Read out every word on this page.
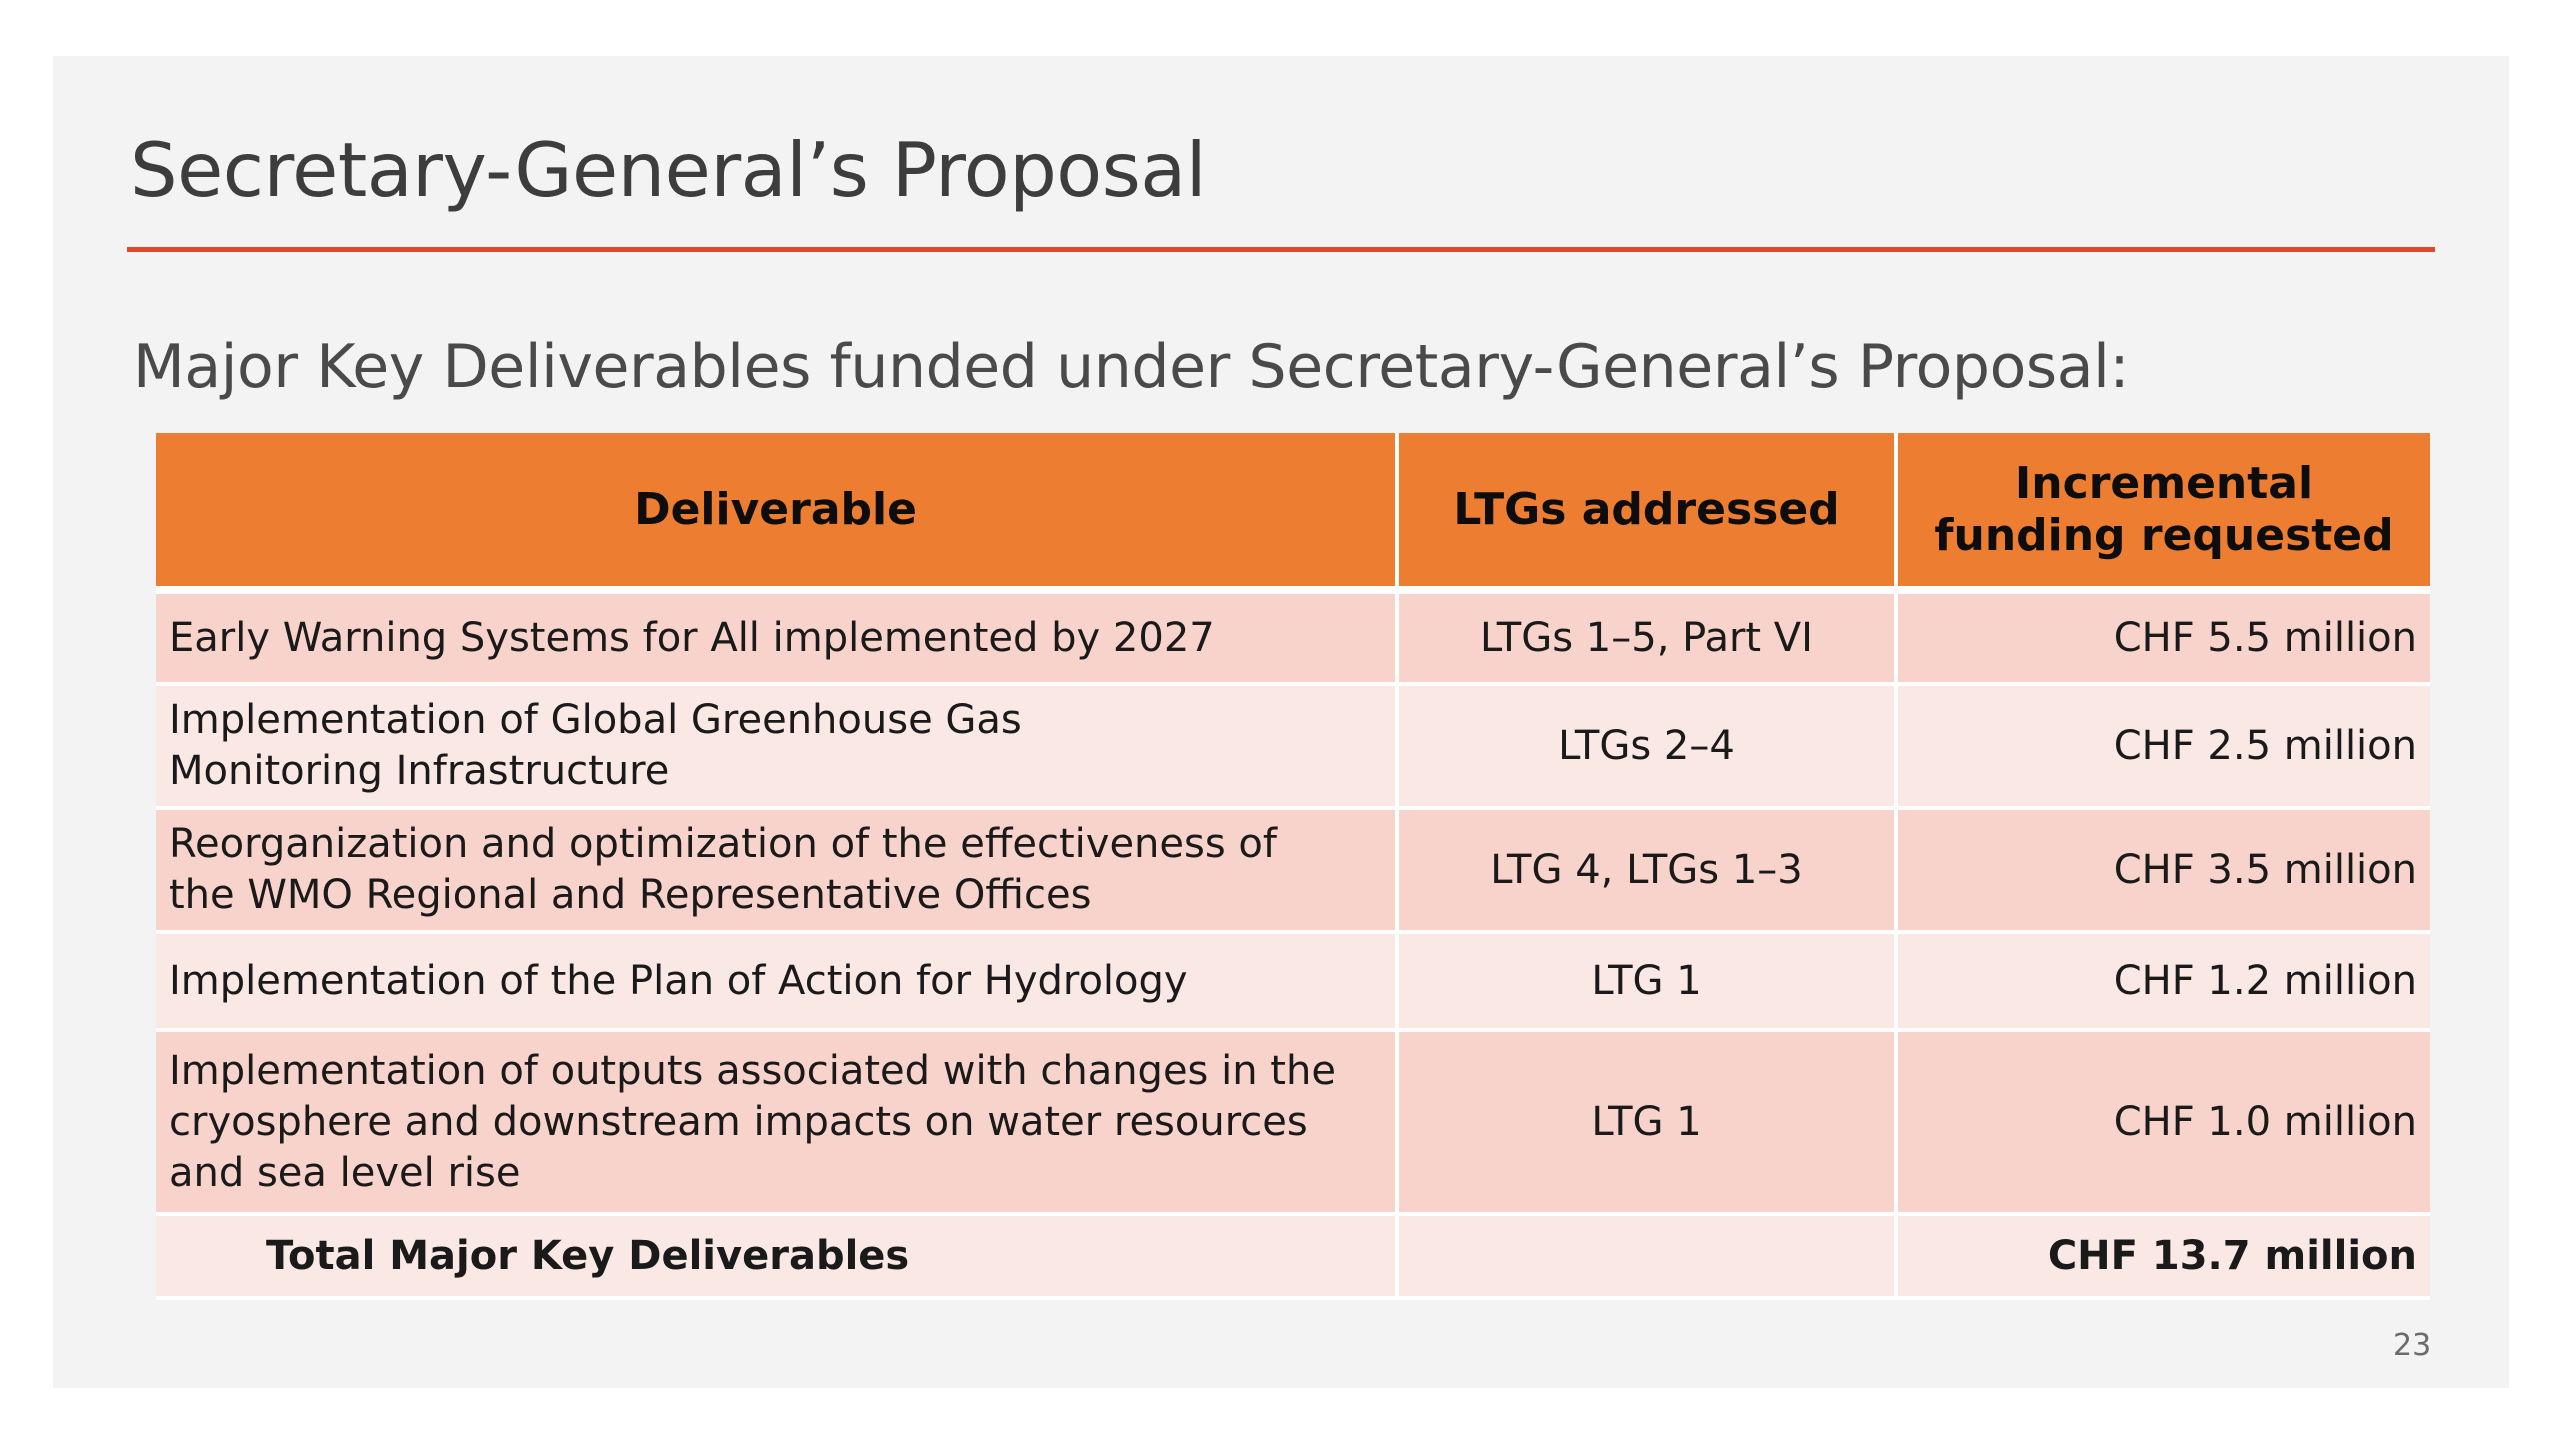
Secretary-General’s Proposal
Major Key Deliverables funded under Secretary-General’s Proposal:
Deliverable	LTGs addressed	Incremental funding requested
Early Warning Systems for All implemented by 2027	LTGs 1–5, Part VI	CHF 5.5 million
Implementation of Global Greenhouse Gas Monitoring Infrastructure	LTGs 2–4	CHF 2.5 million
Reorganization and optimization of the effectiveness of the WMO Regional and Representative Offices	LTG 4, LTGs 1–3	CHF 3.5 million
Implementation of the Plan of Action for Hydrology	LTG 1	CHF 1.2 million
Implementation of outputs associated with changes in the cryosphere and downstream impacts on water resources and sea level rise	LTG 1	CHF 1.0 million
Total Major Key Deliverables		CHF 13.7 million
23
